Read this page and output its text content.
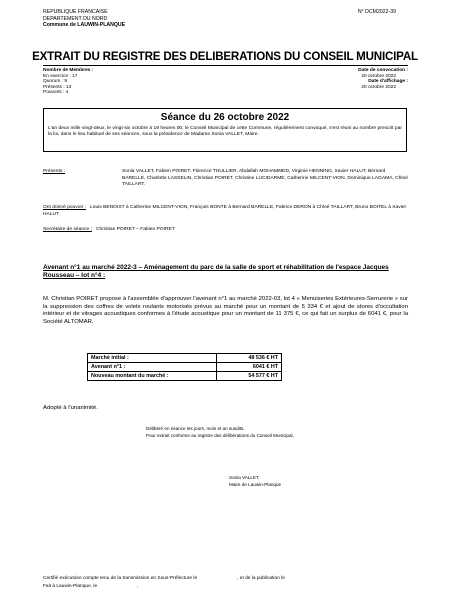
REPUBLIQUE FRANCAISE
DEPARTEMENT DU NORD
Commune de LAUWIN-PLANQUE
N° DCM2022-39
EXTRAIT DU REGISTRE DES DELIBERATIONS DU CONSEIL MUNICIPAL
Nombre de Membres :
En exercice : 17
Quorum : 9
Présents : 13
Pouvoirs : 4
Date de convocation :
20 octobre 2022
Date d'affichage :
20 octobre 2022
Séance du 26 octobre 2022
L'an deux mille vingt-deux, le vingt-six octobre à 19 heures 00, le Conseil Municipal de cette Commune, régulièrement convoqué, s'est réuni au nombre prescrit par la loi, dans le lieu habituel de ses séances, sous la présidence de Madame Sonia VALLET, Maire.
Présents :	Sonia VALLET, Fabien POIRET, Florence THULLIER, Abdallah MOHAMMED, Virginie HENNING, Xavier HALUT, Bernard BARELLE, Charlotte LASSELIN, Christian POIRET, Christine LUCIDARME, Catherine MILCENT-VION, Dominique LAGAMA, Chloé TAILLART.
Ont donné pouvoir : Louis BENOIST à Catherine MILCENT-VION, François BONTE à Bernard BARELLE, Fabrice DERON à Chloé TAILLART, Bruno BOITEL à Xavier HALUT
Secrétaire de séance : Christian POIRET – Fabien POIRET
Avenant n°1 au marché 2022-3 – Aménagement du parc de la salle de sport et réhabilitation de l'espace Jacques Rousseau – lot n°4 :
M. Christian POIRET propose à l'assemblée d'approuver l'avenant n°1 au marché 2022-03, lot 4 « Menuiseries Extérieures-Serrurerie » sur la suppression des coffres de volets roulants motorisés prévus au marché pour un montant de 5 334 € et ajout de stores d'occultation intérieur et de vitrages acoustiques conformes à l'étude acoustique pour un montant de 11 375 €, ce qui fait un surplus de 6041 €, pour la Société ALTOMAR.
Marché initial :	48 536 € HT
Avenant n°1 :	6041 € HT
Nouveau montant du marché :	54 577 € HT
Adopté à l'unanimité.
Délibéré en séance les jours, mois et an susdits.
Pour extrait conforme au registre des délibérations du Conseil Municipal,
Sonia VALLET,
Maire de Lauwin-Planque
Certifié exécutoire compte tenu de la transmission en Sous-Préfecture le	, et de la publication le
Fait à Lauwin-Planque, le	,
